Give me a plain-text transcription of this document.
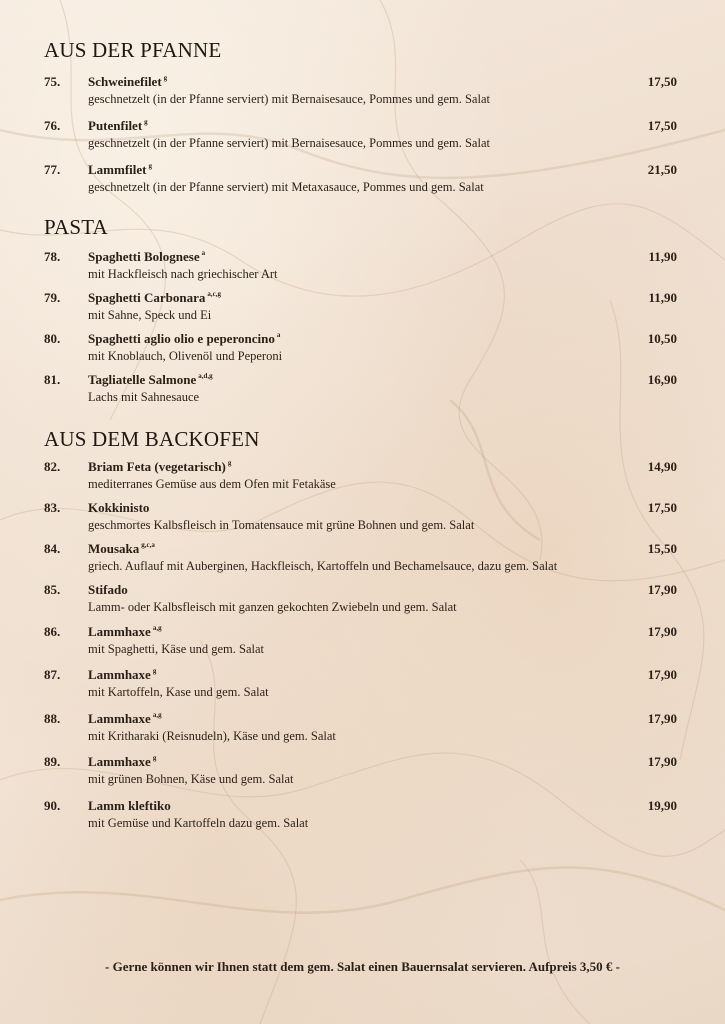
AUS DER PFANNE
75. Schweinefilet $^g$	17,50
geschnetzelt (in der Pfanne serviert) mit Bernaisesauce, Pommes und gem. Salat
76. Putenfilet $^g$	17,50
geschnetzelt (in der Pfanne serviert) mit Bernaisesauce, Pommes und gem. Salat
77. Lammfilet $^g$	21,50
geschnetzelt (in der Pfanne serviert) mit Metaxasauce, Pommes und gem. Salat
PASTA
78. Spaghetti Bolognese $^a$	11,90
mit Hackfleisch nach griechischer Art
79. Spaghetti Carbonara $^{a,c,g}$	11,90
mit Sahne, Speck und Ei
80. Spaghetti aglio olio e peperoncino $^a$	10,50
mit Knoblauch, Olivenöl und Peperoni
81. Tagliatelle Salmone $^{a,d,g}$	16,90
Lachs mit Sahnesauce
AUS DEM BACKOFEN
82. Briam Feta (vegetarisch) $^g$	14,90
mediterranes Gemüse aus dem Ofen mit Fetakäse
83. Kokkinisto	17,50
geschmortes Kalbsfleisch in Tomatensauce mit grüne Bohnen und gem. Salat
84. Mousaka $^{g,c,a}$	15,50
griech. Auflauf mit Auberginen, Hackfleisch, Kartoffeln und Bechamelsauce, dazu gem. Salat
85. Stifado	17,90
Lamm- oder Kalbsfleisch mit ganzen gekochten Zwiebeln und gem. Salat
86. Lammhaxe $^{a,g}$	17,90
mit Spaghetti, Käse und gem. Salat
87. Lammhaxe $^g$	17,90
mit Kartoffeln, Kase und gem. Salat
88. Lammhaxe $^{a,g}$	17,90
mit Kritharaki (Reisnudeln), Käse und gem. Salat
89. Lammhaxe $^g$	17,90
mit grünen Bohnen, Käse und gem. Salat
90. Lamm kleftiko	19,90
mit Gemüse und Kartoffeln dazu gem. Salat
- Gerne können wir Ihnen statt dem gem. Salat einen Bauernsalat servieren. Aufpreis 3,50 € -
